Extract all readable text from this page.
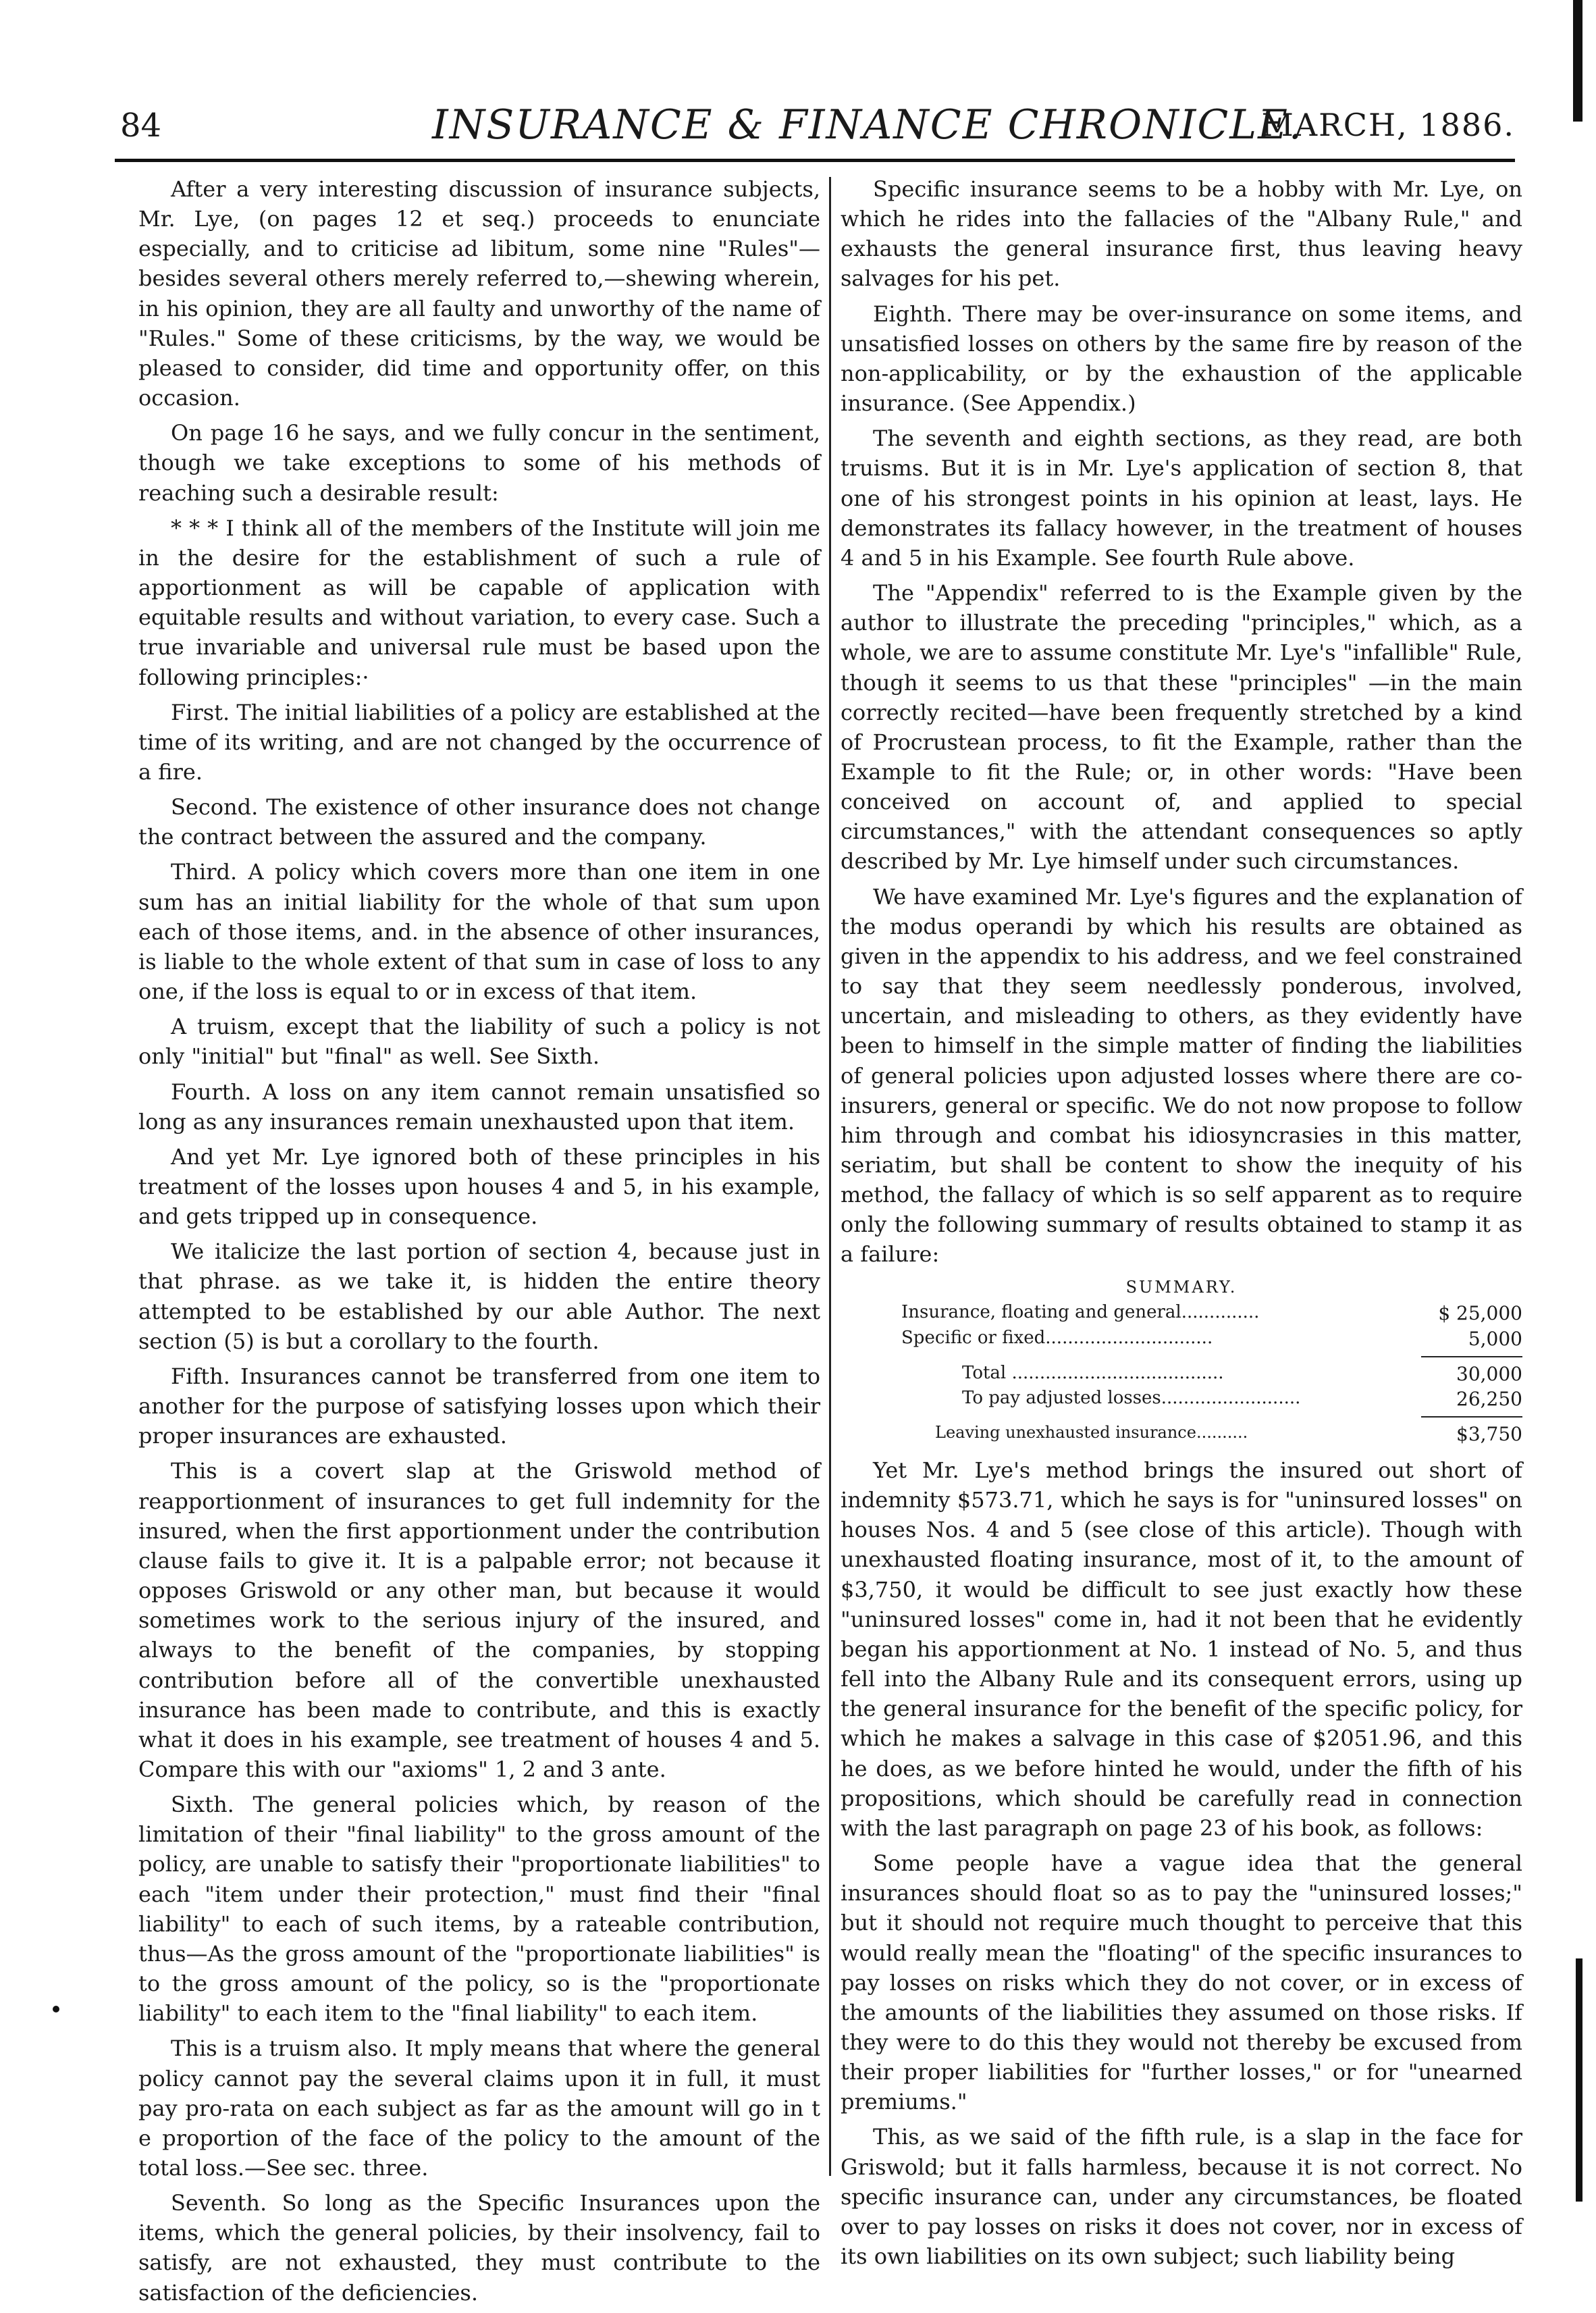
84	INSURANCE & FINANCE CHRONICLE.
MARCH, 1886.

After a very interesting discussion of insurance subjects, Mr. Lye, (on pages 12 et seq.) proceeds to enunciate especially, and to criticise ad libitum, some nine "Rules"—besides several others merely referred to,—shewing wherein, in his opinion, they are all faulty and unworthy of the name of "Rules." Some of these criticisms, by the way, we would be pleased to consider, did time and opportunity offer, on this occasion.

On page 16 he says, and we fully concur in the sentiment, though we take exceptions to some of his methods of reaching such a desirable result:

* * * I think all of the members of the Institute will join me in the desire for the establishment of such a rule of apportionment as will be capable of application with equitable results and without variation, to every case. Such a true invariable and universal rule must be based upon the following principles:·

First. The initial liabilities of a policy are established at the time of its writing, and are not changed by the occurrence of a fire.

Second. The existence of other insurance does not change the contract between the assured and the company.

Third. A policy which covers more than one item in one sum has an initial liability for the whole of that sum upon each of those items, and. in the absence of other insurances, is liable to the whole extent of that sum in case of loss to any one, if the loss is equal to or in excess of that item.

A truism, except that the liability of such a policy is not only "initial" but "final" as well. See Sixth.

Fourth. A loss on any item cannot remain unsatisfied so long as any insurances remain unexhausted upon that item.

And yet Mr. Lye ignored both of these principles in his treatment of the losses upon houses 4 and 5, in his example, and gets tripped up in consequence.

We italicize the last portion of section 4, because just in that phrase. as we take it, is hidden the entire theory attempted to be established by our able Author. The next section (5) is but a corollary to the fourth.

Fifth. Insurances cannot be transferred from one item to another for the purpose of satisfying losses upon which their proper insurances are exhausted.

This is a covert slap at the Griswold method of reapportionment of insurances to get full indemnity for the insured, when the first apportionment under the contribution clause fails to give it. It is a palpable error; not because it opposes Griswold or any other man, but because it would sometimes work to the serious injury of the insured, and always to the benefit of the companies, by stopping contribution before all of the convertible unexhausted insurance has been made to contribute, and this is exactly what it does in his example, see treatment of houses 4 and 5. Compare this with our "axioms" 1, 2 and 3 ante.

Sixth. The general policies which, by reason of the limitation of their "final liability" to the gross amount of the policy, are unable to satisfy their "proportionate liabilities" to each "item under their protection," must find their "final liability" to each of such items, by a rateable contribution, thus—As the gross amount of the "proportionate liabilities" is to the gross amount of the policy, so is the "proportionate liability" to each item to the "final liability" to each item.

This is a truism also. It mply means that where the general policy cannot pay the several claims upon it in full, it must pay pro-rata on each subject as far as the amount will go in t e proportion of the face of the policy to the amount of the total loss.—See sec. three.

Seventh. So long as the Specific Insurances upon the items, which the general policies, by their insolvency, fail to satisfy, are not exhausted, they must contribute to the satisfaction of the deficiencies.

Specific insurance seems to be a hobby with Mr. Lye, on which he rides into the fallacies of the "Albany Rule," and exhausts the general insurance first, thus leaving heavy salvages for his pet.

Eighth. There may be over-insurance on some items, and unsatisfied losses on others by the same fire by reason of the non-applicability, or by the exhaustion of the applicable insurance. (See Appendix.)

The seventh and eighth sections, as they read, are both truisms. But it is in Mr. Lye's application of section 8, that one of his strongest points in his opinion at least, lays. He demonstrates its fallacy however, in the treatment of houses 4 and 5 in his Example. See fourth Rule above.

The "Appendix" referred to is the Example given by the author to illustrate the preceding "principles," which, as a whole, we are to assume constitute Mr. Lye's "infallible" Rule, though it seems to us that these "principles" —in the main correctly recited—have been frequently stretched by a kind of Procrustean process, to fit the Example, rather than the Example to fit the Rule; or, in other words: "Have been conceived on account of, and applied to special circumstances," with the attendant consequences so aptly described by Mr. Lye himself under such circumstances.

We have examined Mr. Lye's figures and the explanation of the modus operandi by which his results are obtained as given in the appendix to his address, and we feel constrained to say that they seem needlessly ponderous, involved, uncertain, and misleading to others, as they evidently have been to himself in the simple matter of finding the liabilities of general policies upon adjusted losses where there are co-insurers, general or specific. We do not now propose to follow him through and combat his idiosyncrasies in this matter, seriatim, but shall be content to show the inequity of his method, the fallacy of which is so self apparent as to require only the following summary of results obtained to stamp it as a failure:

SUMMARY.
Insurance, floating and general..............	$ 25,000
Specific or fixed..............................	5,000
Total ......................................	30,000
To pay adjusted losses.........................	26,250
Leaving unexhausted insurance..........	$3,750

Yet Mr. Lye's method brings the insured out short of indemnity $573.71, which he says is for "uninsured losses" on houses Nos. 4 and 5 (see close of this article). Though with unexhausted floating insurance, most of it, to the amount of $3,750, it would be difficult to see just exactly how these "uninsured losses" come in, had it not been that he evidently began his apportionment at No. 1 instead of No. 5, and thus fell into the Albany Rule and its consequent errors, using up the general insurance for the benefit of the specific policy, for which he makes a salvage in this case of $2051.96, and this he does, as we before hinted he would, under the fifth of his propositions, which should be carefully read in connection with the last paragraph on page 23 of his book, as follows:

Some people have a vague idea that the general insurances should float so as to pay the "uninsured losses;" but it should not require much thought to perceive that this would really mean the "floating" of the specific insurances to pay losses on risks which they do not cover, or in excess of the amounts of the liabilities they assumed on those risks. If they were to do this they would not thereby be excused from their proper liabilities for "further losses," or for "unearned premiums."

This, as we said of the fifth rule, is a slap in the face for Griswold; but it falls harmless, because it is not correct. No specific insurance can, under any circumstances, be floated over to pay losses on risks it does not cover, nor in excess of its own liabilities on its own subject; such liability being
